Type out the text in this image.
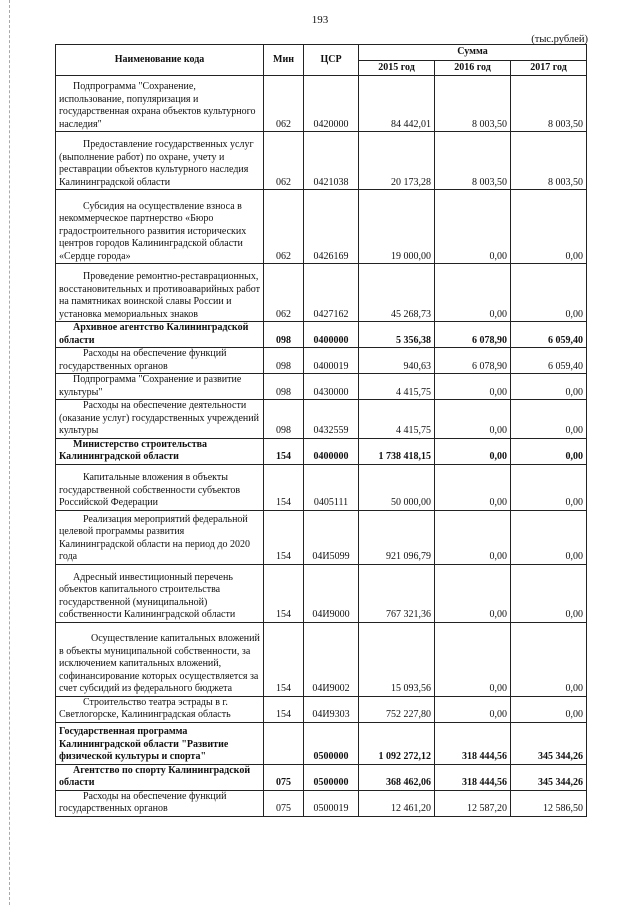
193
(тыс.рублей)
Наименование кода	Мин	ЦСР	Сумма		
			2015 год	2016 год	2017 год
Подпрограмма "Сохранение, использование, популяризация и государственная охрана объектов культурного наследия"	062	0420000	84 442,01	8 003,50	8 003,50
Предоставление государственных услуг (выполнение работ) по охране, учету и реставрации объектов культурного наследия Калининградской области	062	0421038	20 173,28	8 003,50	8 003,50
Субсидия на осуществление взноса в некоммерческое партнерство «Бюро градостроительного развития исторических центров городов Калининградской области «Сердце города»	062	0426169	19 000,00	0,00	0,00
Проведение ремонтно-реставрационных, восстановительных и противоаварийных работ на памятниках воинской славы России и установка мемориальных знаков	062	0427162	45 268,73	0,00	0,00
Архивное агентство Калининградской области	098	0400000	5 356,38	6 078,90	6 059,40
Расходы на обеспечение функций государственных органов	098	0400019	940,63	6 078,90	6 059,40
Подпрограмма "Сохранение и развитие культуры"	098	0430000	4 415,75	0,00	0,00
Расходы на обеспечение деятельности (оказание услуг) государственных учреждений культуры	098	0432559	4 415,75	0,00	0,00
Министерство строительства Калининградской области	154	0400000	1 738 418,15	0,00	0,00
Капитальные вложения в объекты государственной собственности субъектов Российской Федерации	154	0405111	50 000,00	0,00	0,00
Реализация мероприятий федеральной целевой программы развития Калининградской области на период до 2020 года	154	04И5099	921 096,79	0,00	0,00
Адресный инвестиционный перечень объектов капитального строительства государственной (муниципальной) собственности Калининградской области	154	04И9000	767 321,36	0,00	0,00
Осуществление капитальных вложений в объекты муниципальной собственности, за исключением капитальных вложений, софинансирование которых осуществляется за счет субсидий из федерального бюджета	154	04И9002	15 093,56	0,00	0,00
Строительство театра эстрады в г. Светлогорске, Калининградская область	154	04И9303	752 227,80	0,00	0,00
Государственная программа Калининградской области "Развитие физической культуры и спорта"		0500000	1 092 272,12	318 444,56	345 344,26
Агентство по спорту Калининградской области	075	0500000	368 462,06	318 444,56	345 344,26
Расходы на обеспечение функций государственных органов	075	0500019	12 461,20	12 587,20	12 586,50
